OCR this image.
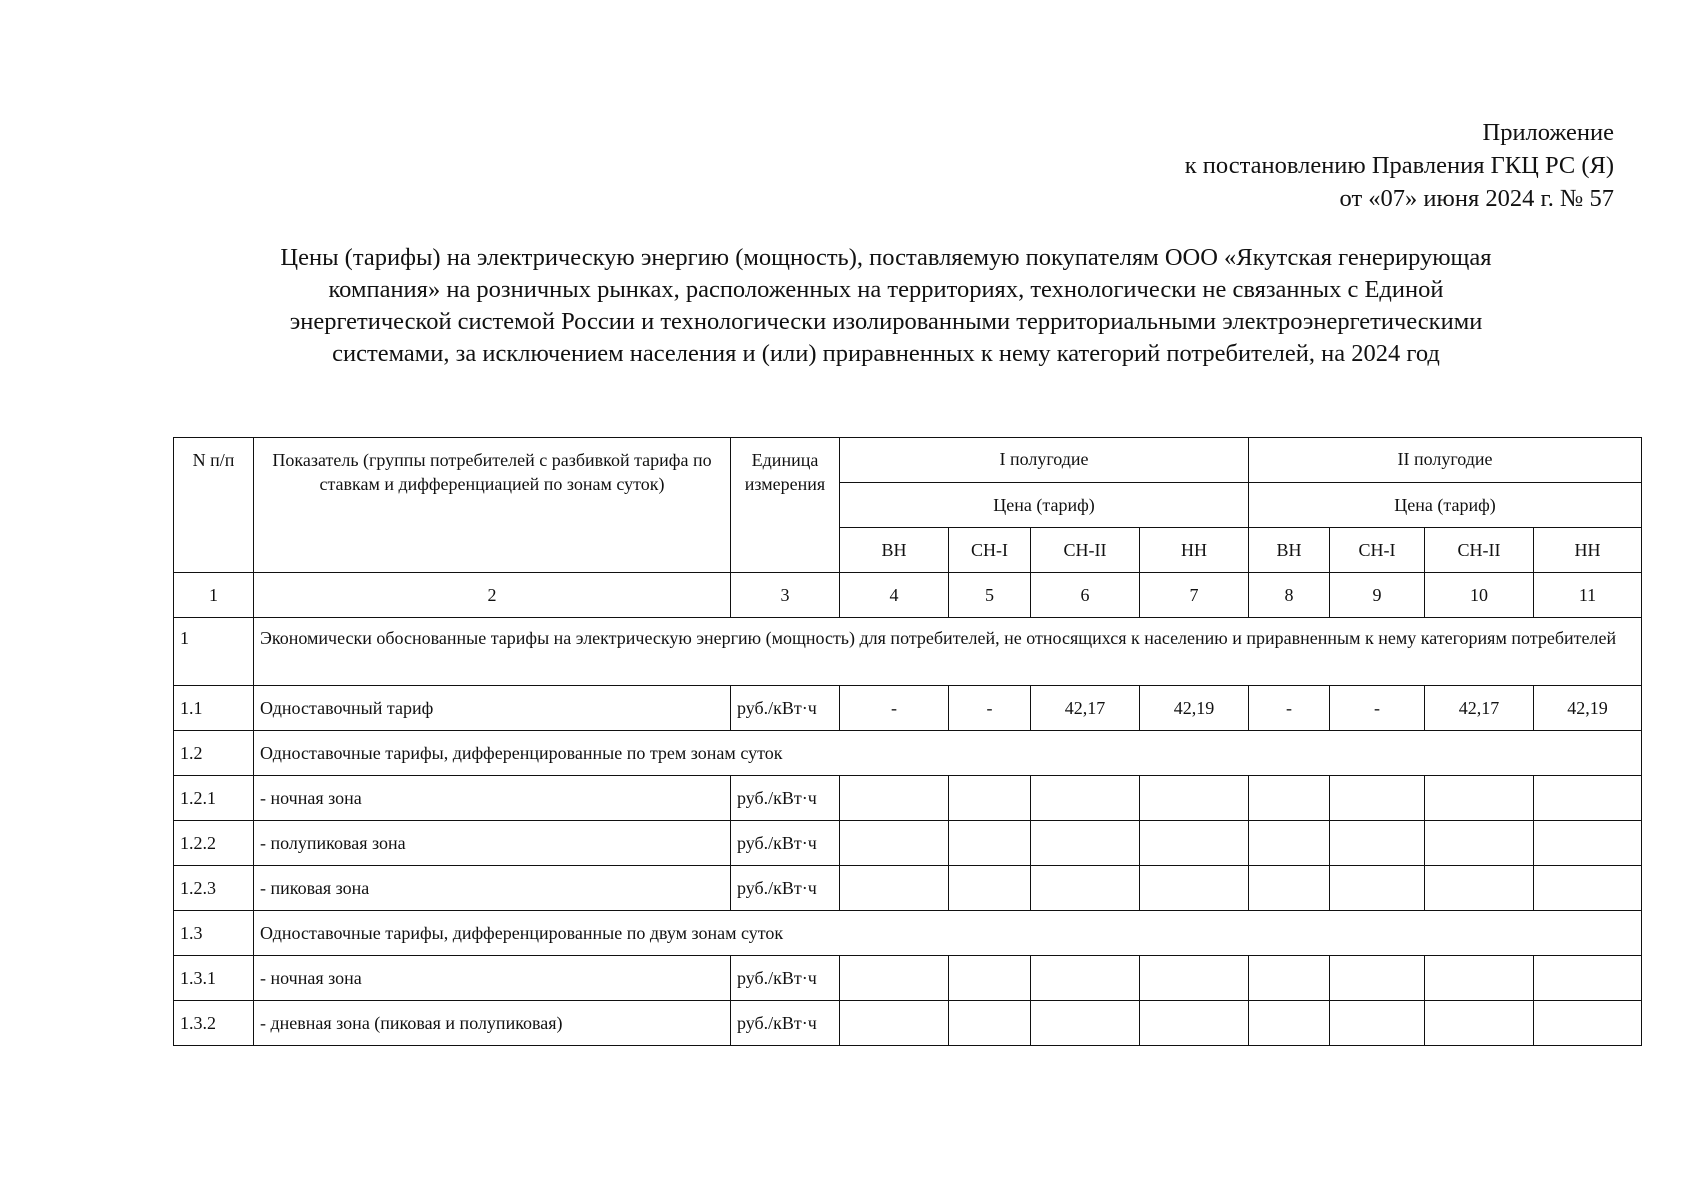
Приложение
к постановлению Правления ГКЦ РС (Я)
от «07» июня 2024 г. № 57
Цены (тарифы) на электрическую энергию (мощность), поставляемую покупателям ООО «Якутская генерирующая
компания» на розничных рынках, расположенных на территориях, технологически не связанных с Единой
энергетической системой России и технологически изолированными территориальными электроэнергетическими
системами, за исключением населения и (или) приравненных к нему категорий потребителей, на 2024 год
N п/п	Показатель (группы потребителей с разбивкой тарифа по ставкам и дифференциацией по зонам суток)	Единица измерения	I полугодие				II полугодие			
			Цена (тариф)				Цена (тариф)			
			ВН	СН-I	СН-II	НН	ВН	СН-I	СН-II	НН
1	2	3	4	5	6	7	8	9	10	11
1	Экономически обоснованные тарифы на электрическую энергию (мощность) для потребителей, не относящихся к населению и приравненным к нему категориям потребителей									
1.1	Одноставочный тариф	руб./кВт·ч	-	-	42,17	42,19	-	-	42,17	42,19
1.2	Одноставочные тарифы, дифференцированные по трем зонам суток									
1.2.1	- ночная зона	руб./кВт·ч								
1.2.2	- полупиковая зона	руб./кВт·ч								
1.2.3	- пиковая зона	руб./кВт·ч								
1.3	Одноставочные тарифы, дифференцированные по двум зонам суток									
1.3.1	- ночная зона	руб./кВт·ч								
1.3.2	- дневная зона (пиковая и полупиковая)	руб./кВт·ч								
